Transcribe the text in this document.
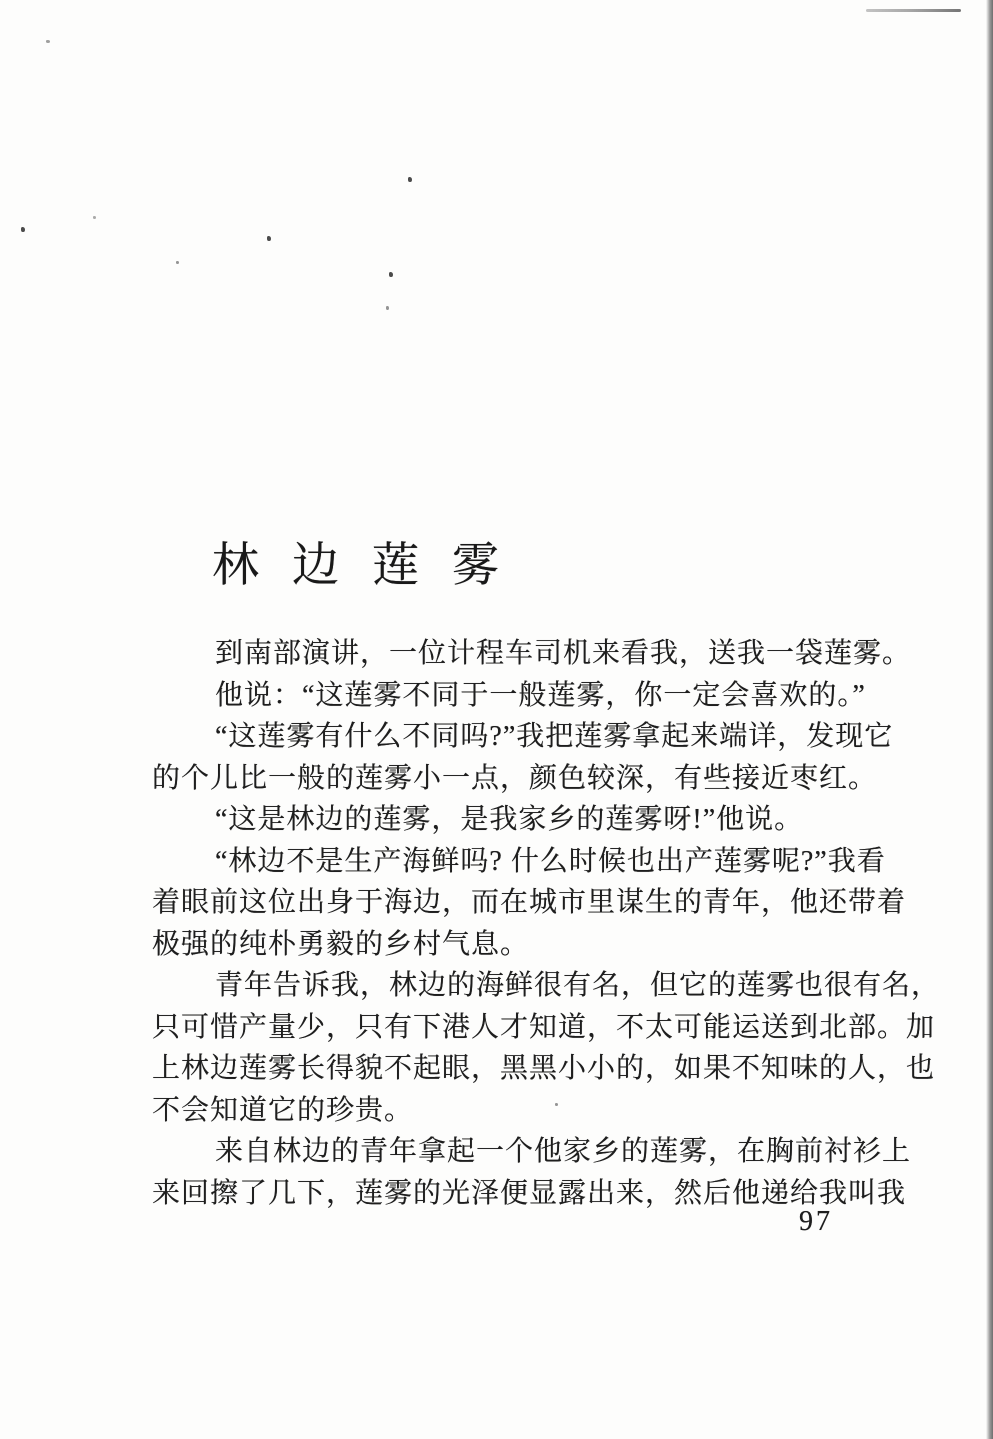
林边莲雾
到南部演讲，一位计程车司机来看我，送我一袋莲雾。
他说：“这莲雾不同于一般莲雾，你一定会喜欢的。”
“这莲雾有什么不同吗?”我把莲雾拿起来端详，发现它
的个儿比一般的莲雾小一点，颜色较深，有些接近枣红。
“这是林边的莲雾，是我家乡的莲雾呀!”他说。
“林边不是生产海鲜吗? 什么时候也出产莲雾呢?”我看
着眼前这位出身于海边，而在城市里谋生的青年，他还带着
极强的纯朴勇毅的乡村气息。
青年告诉我，林边的海鲜很有名，但它的莲雾也很有名，
只可惜产量少，只有下港人才知道，不太可能运送到北部。加
上林边莲雾长得貌不起眼，黑黑小小的，如果不知味的人，也
不会知道它的珍贵。
来自林边的青年拿起一个他家乡的莲雾，在胸前衬衫上
来回擦了几下，莲雾的光泽便显露出来，然后他递给我叫我
97
